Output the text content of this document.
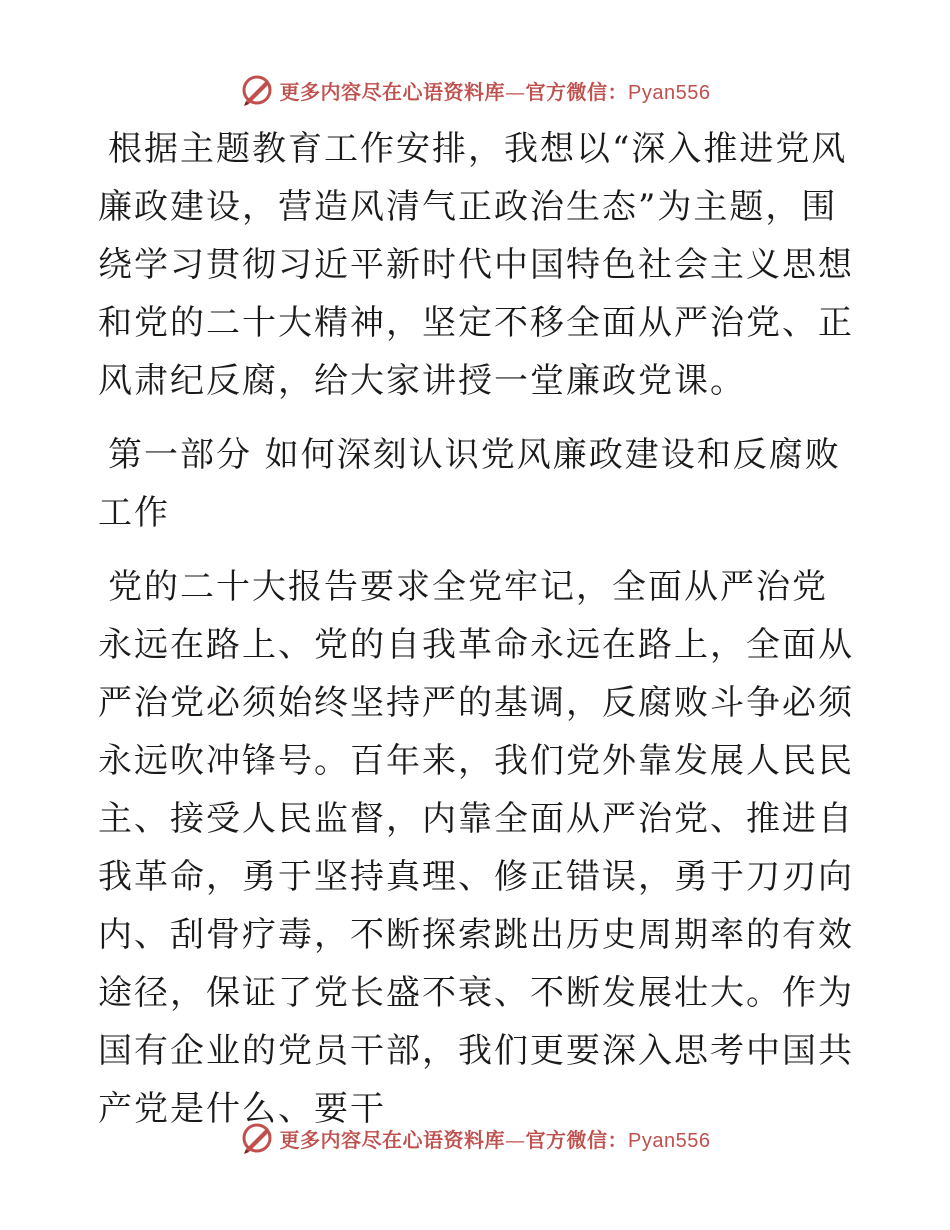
更多内容尽在心语资料库—官方微信：Pyan556

根据主题教育工作安排，我想以“深入推进党风廉政建设，营造风清气正政治生态”为主题，围绕学习贯彻习近平新时代中国特色社会主义思想和党的二十大精神，坚定不移全面从严治党、正风肃纪反腐，给大家讲授一堂廉政党课。

第一部分 如何深刻认识党风廉政建设和反腐败工作

党的二十大报告要求全党牢记，全面从严治党永远在路上、党的自我革命永远在路上，全面从严治党必须始终坚持严的基调，反腐败斗争必须永远吹冲锋号。百年来，我们党外靠发展人民民主、接受人民监督，内靠全面从严治党、推进自我革命，勇于坚持真理、修正错误，勇于刀刃向内、刮骨疗毒，不断探索跳出历史周期率的有效途径，保证了党长盛不衰、不断发展壮大。作为国有企业的党员干部，我们更要深入思考中国共产党是什么、要干

更多内容尽在心语资料库—官方微信：Pyan556
